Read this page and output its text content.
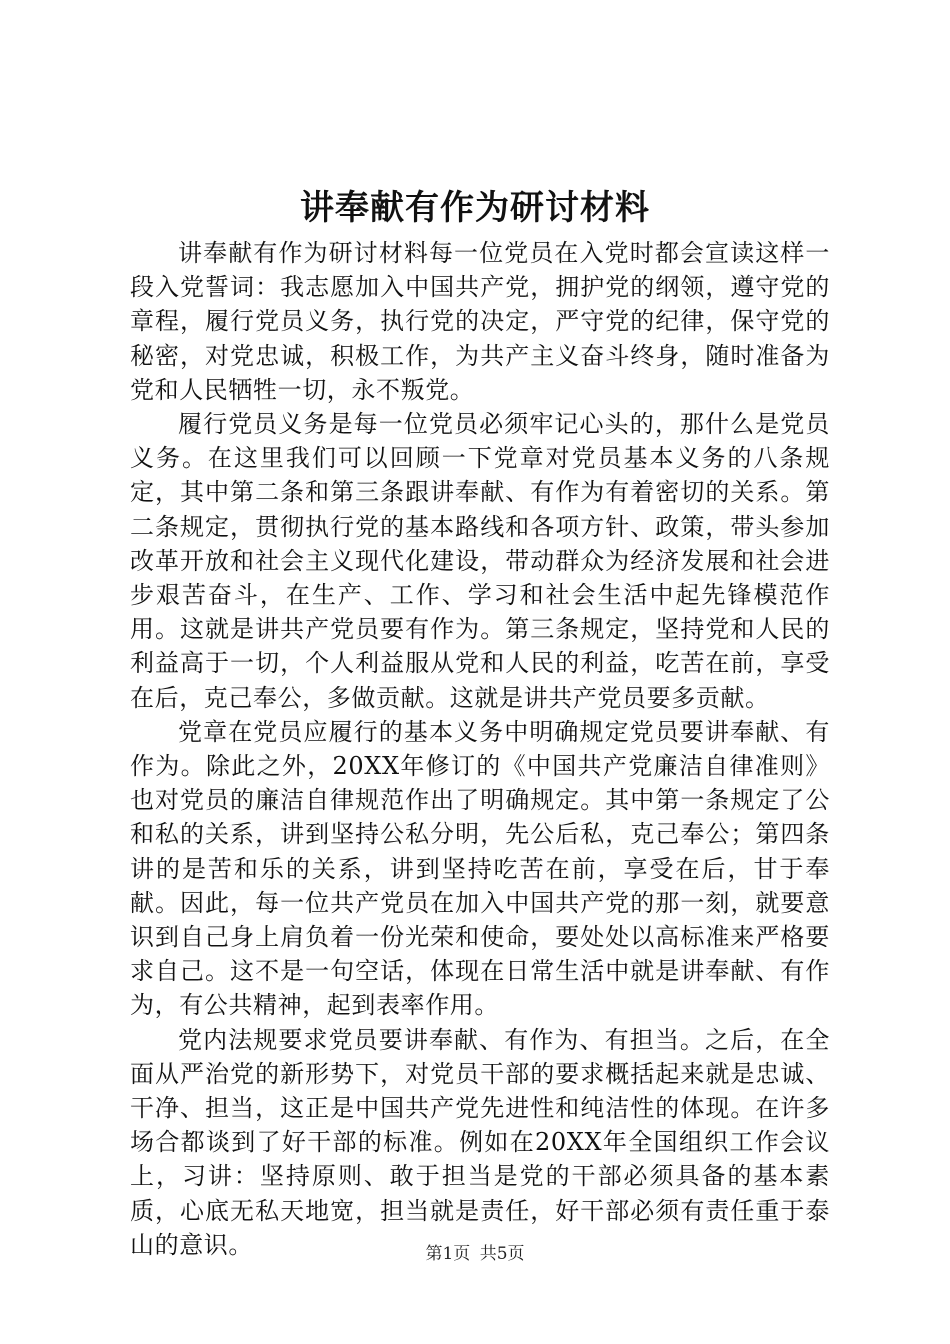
讲奉献有作为研讨材料

讲奉献有作为研讨材料每一位党员在入党时都会宣读这样一段入党誓词：我志愿加入中国共产党，拥护党的纲领，遵守党的章程，履行党员义务，执行党的决定，严守党的纪律，保守党的秘密，对党忠诚，积极工作，为共产主义奋斗终身，随时准备为党和人民牺牲一切，永不叛党。

履行党员义务是每一位党员必须牢记心头的，那什么是党员义务。在这里我们可以回顾一下党章对党员基本义务的八条规定，其中第二条和第三条跟讲奉献、有作为有着密切的关系。第二条规定，贯彻执行党的基本路线和各项方针、政策，带头参加改革开放和社会主义现代化建设，带动群众为经济发展和社会进步艰苦奋斗，在生产、工作、学习和社会生活中起先锋模范作用。这就是讲共产党员要有作为。第三条规定，坚持党和人民的利益高于一切，个人利益服从党和人民的利益，吃苦在前，享受在后，克己奉公，多做贡献。这就是讲共产党员要多贡献。

党章在党员应履行的基本义务中明确规定党员要讲奉献、有作为。除此之外，20XX年修订的《中国共产党廉洁自律准则》也对党员的廉洁自律规范作出了明确规定。其中第一条规定了公和私的关系，讲到坚持公私分明，先公后私，克己奉公；第四条讲的是苦和乐的关系，讲到坚持吃苦在前，享受在后，甘于奉献。因此，每一位共产党员在加入中国共产党的那一刻，就要意识到自己身上肩负着一份光荣和使命，要处处以高标准来严格要求自己。这不是一句空话，体现在日常生活中就是讲奉献、有作为，有公共精神，起到表率作用。

党内法规要求党员要讲奉献、有作为、有担当。之后，在全面从严治党的新形势下，对党员干部的要求概括起来就是忠诚、干净、担当，这正是中国共产党先进性和纯洁性的体现。在许多场合都谈到了好干部的标准。例如在20XX年全国组织工作会议上，习讲：坚持原则、敢于担当是党的干部必须具备的基本素质，心底无私天地宽，担当就是责任，好干部必须有责任重于泰山的意识。	第1页 共5页
